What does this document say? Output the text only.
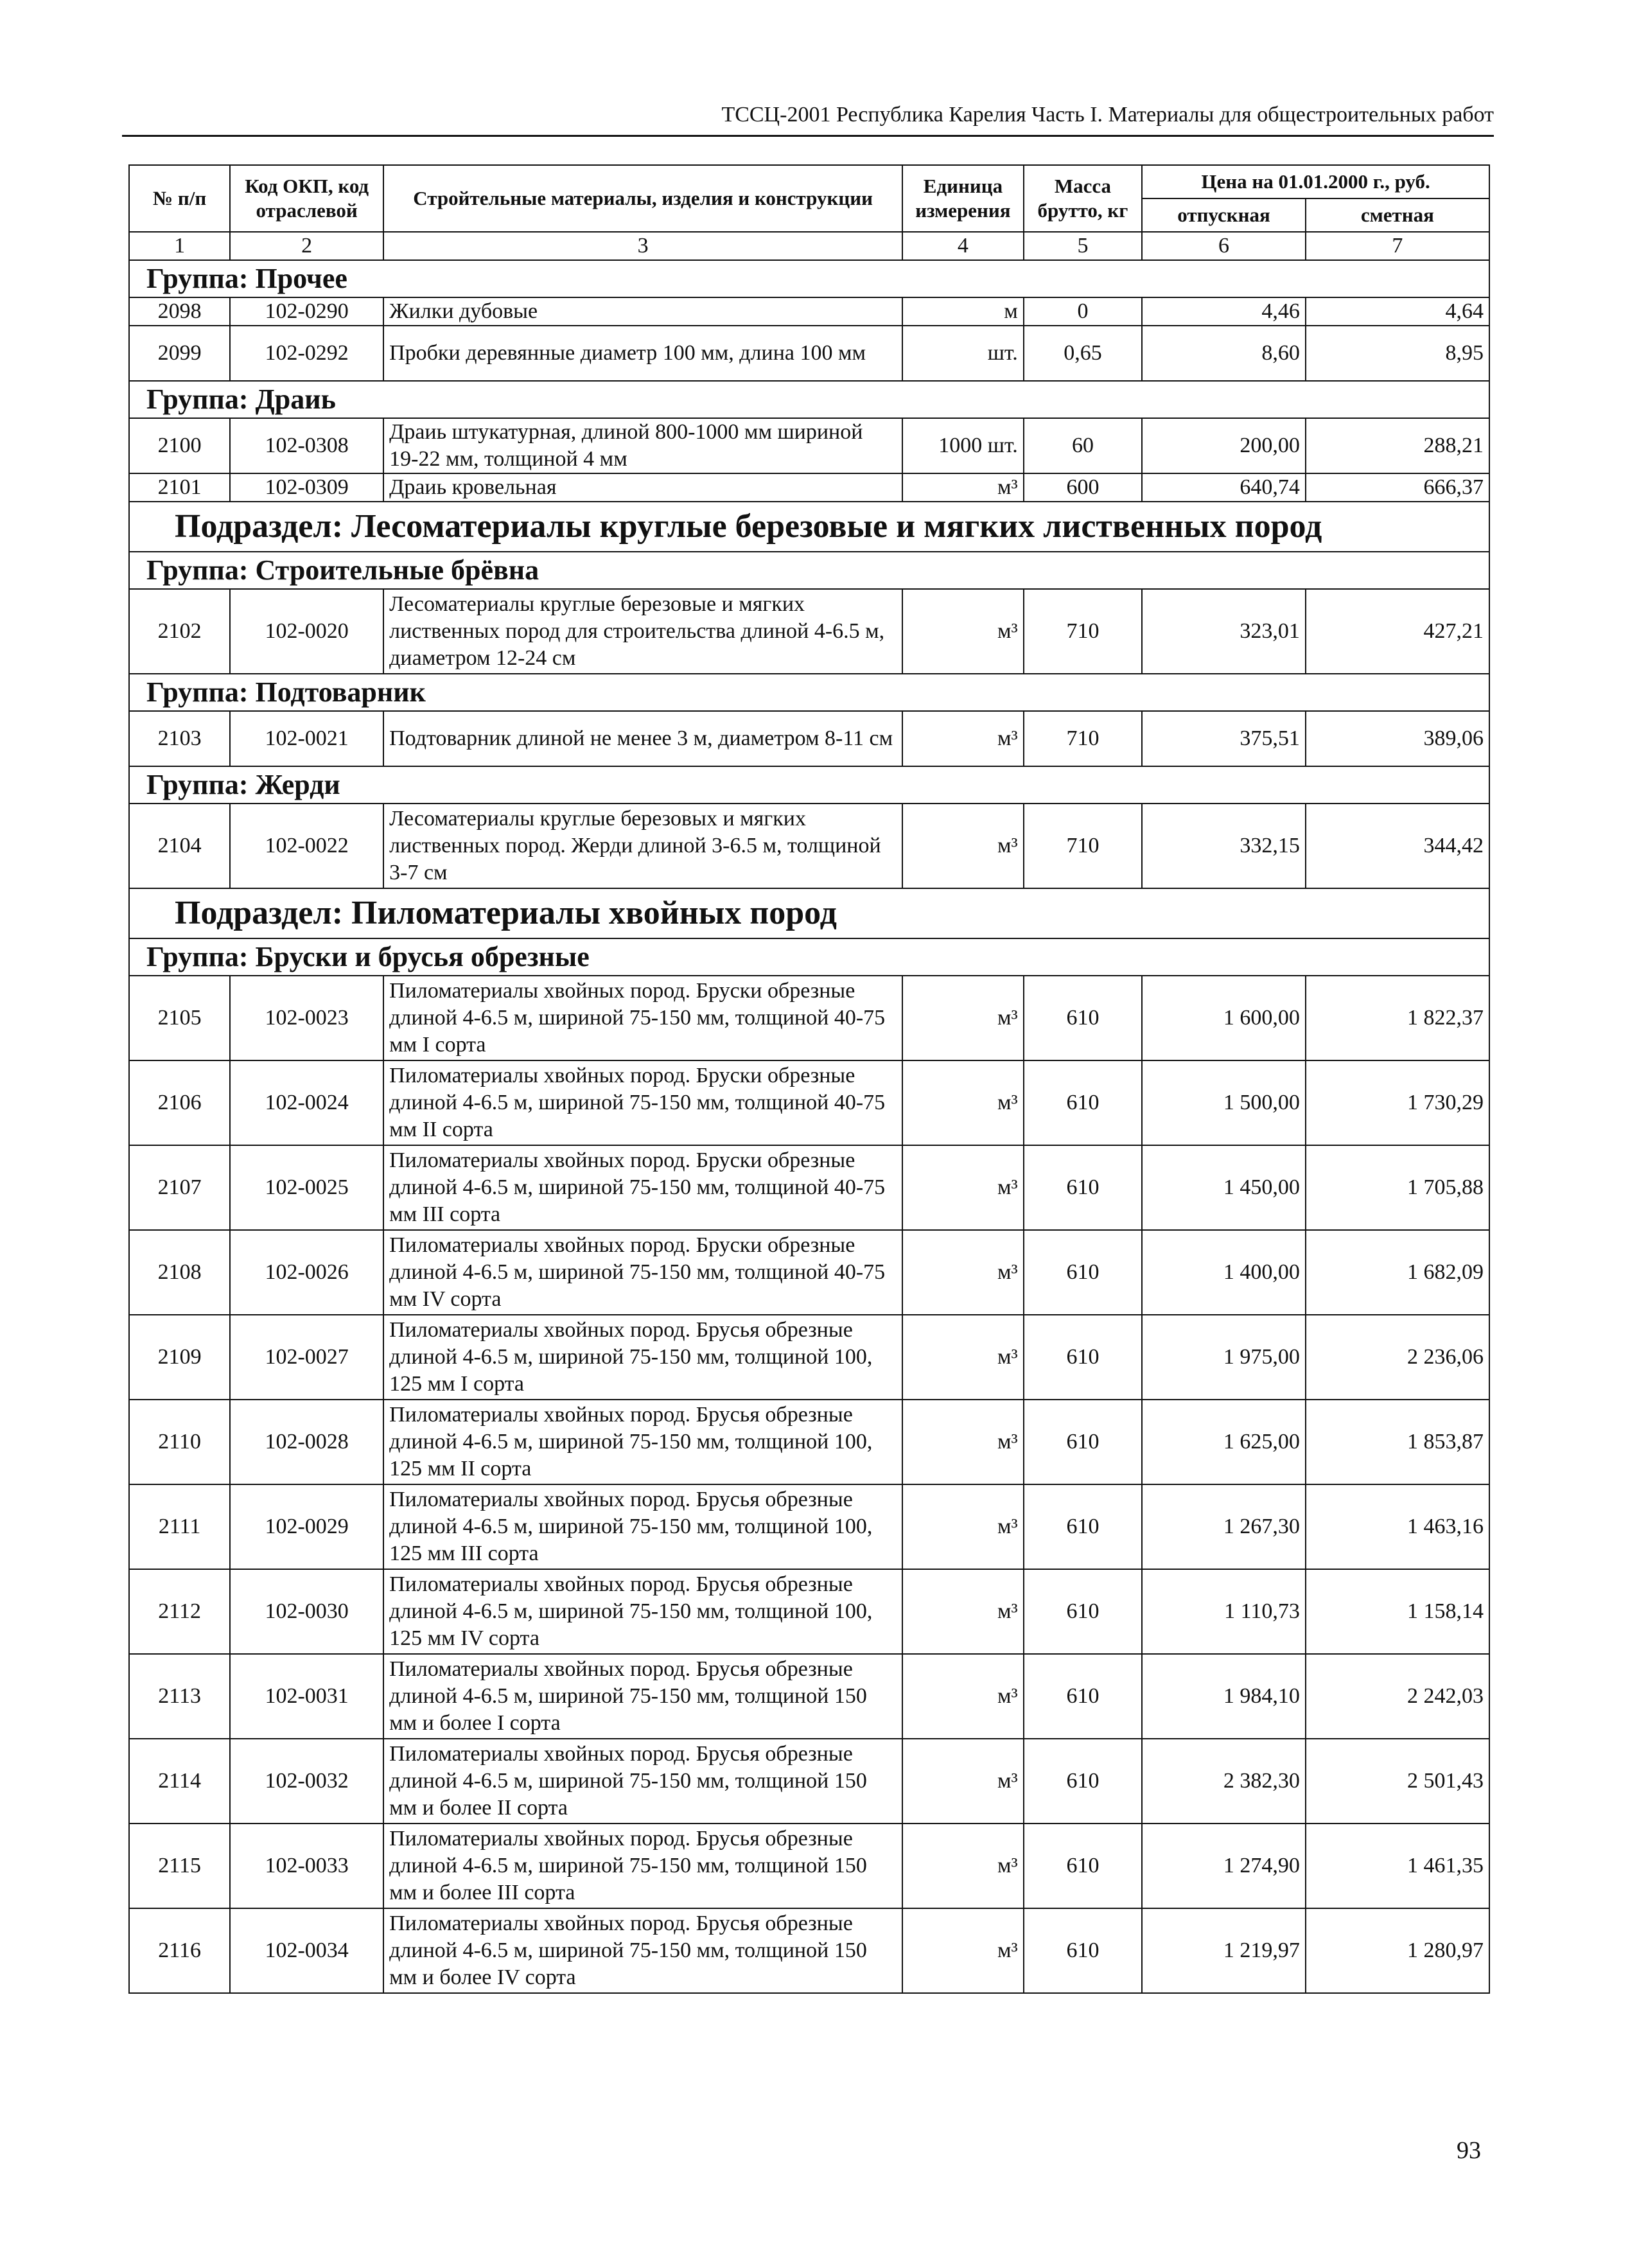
ТССЦ-2001 Республика Карелия Часть I. Материалы для общестроительных работ
№ п/п	Код ОКП, код отраслевой	Стройтельные материалы, изделия и конструкции	Единица измерения	Масса брутто, кг	Цена на 01.01.2000 г., руб.	
					отпускная	сметная
1	2	3	4	5	6	7
Группа: Прочее						
2098	102-0290	Жилки дубовые	м	0	4,46	4,64
2099	102-0292	Пробки деревянные диаметр 100 мм, длина 100 мм	шт.	0,65	8,60	8,95
Группа: Драиь						
2100	102-0308	Драиь штукатурная, длиной 800-1000 мм шириной 19-22 мм, толщиной 4 мм	1000 шт.	60	200,00	288,21
2101	102-0309	Драиь кровельная	м³	600	640,74	666,37
Подраздел: Лесоматериалы круглые березовые и мягких лиственных пород						
Группа: Строительные брёвна						
2102	102-0020	Лесоматериалы круглые березовые и мягких лиственных пород для строительства длиной 4-6.5 м, диаметром 12-24 см	м³	710	323,01	427,21
Группа: Подтоварник						
2103	102-0021	Подтоварник длиной не менее 3 м, диаметром 8-11 см	м³	710	375,51	389,06
Группа: Жерди						
2104	102-0022	Лесоматериалы круглые березовых и мягких лиственных пород. Жерди длиной 3-6.5 м, толщиной 3-7 см	м³	710	332,15	344,42
Подраздел: Пиломатериалы хвойных пород						
Группа: Бруски и брусья обрезные						
2105	102-0023	Пиломатериалы хвойных пород. Бруски обрезные длиной 4-6.5 м, шириной 75-150 мм, толщиной 40-75 мм I сорта	м³	610	1 600,00	1 822,37
2106	102-0024	Пиломатериалы хвойных пород. Бруски обрезные длиной 4-6.5 м, шириной 75-150 мм, толщиной 40-75 мм II сорта	м³	610	1 500,00	1 730,29
2107	102-0025	Пиломатериалы хвойных пород. Бруски обрезные длиной 4-6.5 м, шириной 75-150 мм, толщиной 40-75 мм III сорта	м³	610	1 450,00	1 705,88
2108	102-0026	Пиломатериалы хвойных пород. Бруски обрезные длиной 4-6.5 м, шириной 75-150 мм, толщиной 40-75 мм IV сорта	м³	610	1 400,00	1 682,09
2109	102-0027	Пиломатериалы хвойных пород. Брусья обрезные длиной 4-6.5 м, шириной 75-150 мм, толщиной 100, 125 мм I сорта	м³	610	1 975,00	2 236,06
2110	102-0028	Пиломатериалы хвойных пород. Брусья обрезные длиной 4-6.5 м, шириной 75-150 мм, толщиной 100, 125 мм II сорта	м³	610	1 625,00	1 853,87
2111	102-0029	Пиломатериалы хвойных пород. Брусья обрезные длиной 4-6.5 м, шириной 75-150 мм, толщиной 100, 125 мм III сорта	м³	610	1 267,30	1 463,16
2112	102-0030	Пиломатериалы хвойных пород. Брусья обрезные длиной 4-6.5 м, шириной 75-150 мм, толщиной 100, 125 мм IV сорта	м³	610	1 110,73	1 158,14
2113	102-0031	Пиломатериалы хвойных пород. Брусья обрезные длиной 4-6.5 м, шириной 75-150 мм, толщиной 150 мм и более I сорта	м³	610	1 984,10	2 242,03
2114	102-0032	Пиломатериалы хвойных пород. Брусья обрезные длиной 4-6.5 м, шириной 75-150 мм, толщиной 150 мм и более II сорта	м³	610	2 382,30	2 501,43
2115	102-0033	Пиломатериалы хвойных пород. Брусья обрезные длиной 4-6.5 м, шириной 75-150 мм, толщиной 150 мм и более III сорта	м³	610	1 274,90	1 461,35
2116	102-0034	Пиломатериалы хвойных пород. Брусья обрезные длиной 4-6.5 м, шириной 75-150 мм, толщиной 150 мм и более IV сорта	м³	610	1 219,97	1 280,97
93
